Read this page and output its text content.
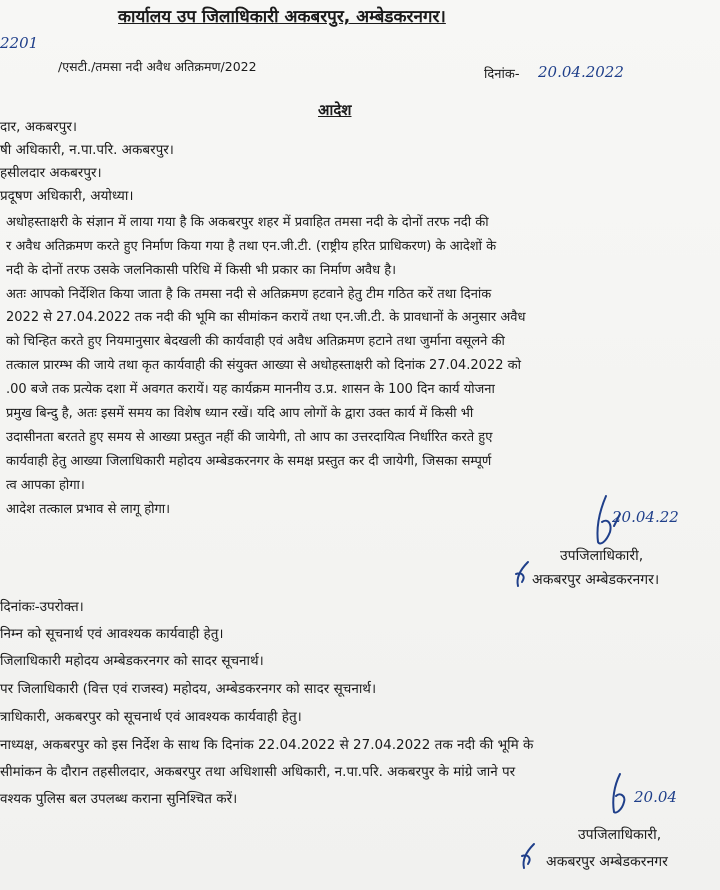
कार्यालय उप जिलाधिकारी अकबरपुर, अम्बेडकरनगर।
2201
/एसटी./तमसा नदी अवैध अतिक्रमण/2022
दिनांक- 20.04.2022
आदेश
दार, अकबरपुर।
षी अधिकारी, न.पा.परि. अकबरपुर।
हसीलदार अकबरपुर।
प्रदूषण अधिकारी, अयोध्या।
अधोहस्ताक्षरी के संज्ञान में लाया गया है कि अकबरपुर शहर में प्रवाहित तमसा नदी के दोनों तरफ नदी की
र अवैध अतिक्रमण करते हुए निर्माण किया गया है तथा एन.जी.टी. (राष्ट्रीय हरित प्राधिकरण) के आदेशों के
नदी के दोनों तरफ उसके जलनिकासी परिधि में किसी भी प्रकार का निर्माण अवैध है।
अतः आपको निर्देशित किया जाता है कि तमसा नदी से अतिक्रमण हटवाने हेतु टीम गठित करें तथा दिनांक
2022 से 27.04.2022 तक नदी की भूमि का सीमांकन करायें तथा एन.जी.टी. के प्रावधानों के अनुसार अवैध
को चिन्हित करते हुए नियमानुसार बेदखली की कार्यवाही एवं अवैध अतिक्रमण हटाने तथा जुर्माना वसूलने की
तत्काल प्रारम्भ की जाये तथा कृत कार्यवाही की संयुक्त आख्या से अधोहस्ताक्षरी को दिनांक 27.04.2022 को
.00 बजे तक प्रत्येक दशा में अवगत करायें। यह कार्यक्रम माननीय उ.प्र. शासन के 100 दिन कार्य योजना
प्रमुख बिन्दु है, अतः इसमें समय का विशेष ध्यान रखें। यदि आप लोगों के द्वारा उक्त कार्य में किसी भी
उदासीनता बरतते हुए समय से आख्या प्रस्तुत नहीं की जायेगी, तो आप का उत्तरदायित्व निर्धारित करते हुए
कार्यवाही हेतु आख्या जिलाधिकारी महोदय अम्बेडकरनगर के समक्ष प्रस्तुत कर दी जायेगी, जिसका सम्पूर्ण
त्व आपका होगा।
आदेश तत्काल प्रभाव से लागू होगा।	20.04.22
उपजिलाधिकारी,
अकबरपुर अम्बेडकरनगर।
दिनांकः-उपरोक्त।
निम्न को सूचनार्थ एवं आवश्यक कार्यवाही हेतु।
जिलाधिकारी महोदय अम्बेडकरनगर को सादर सूचनार्थ।
पर जिलाधिकारी (वित्त एवं राजस्व) महोदय, अम्बेडकरनगर को सादर सूचनार्थ।
त्राधिकारी, अकबरपुर को सूचनार्थ एवं आवश्यक कार्यवाही हेतु।
नाध्यक्ष, अकबरपुर को इस निर्देश के साथ कि दिनांक 22.04.2022 से 27.04.2022 तक नदी की भूमि के
सीमांकन के दौरान तहसीलदार, अकबरपुर तथा अधिशासी अधिकारी, न.पा.परि. अकबरपुर के मांग्रे जाने पर
वश्यक पुलिस बल उपलब्ध कराना सुनिश्चित करें।	20.04
उपजिलाधिकारी,
अकबरपुर अम्बेडकरनगर
